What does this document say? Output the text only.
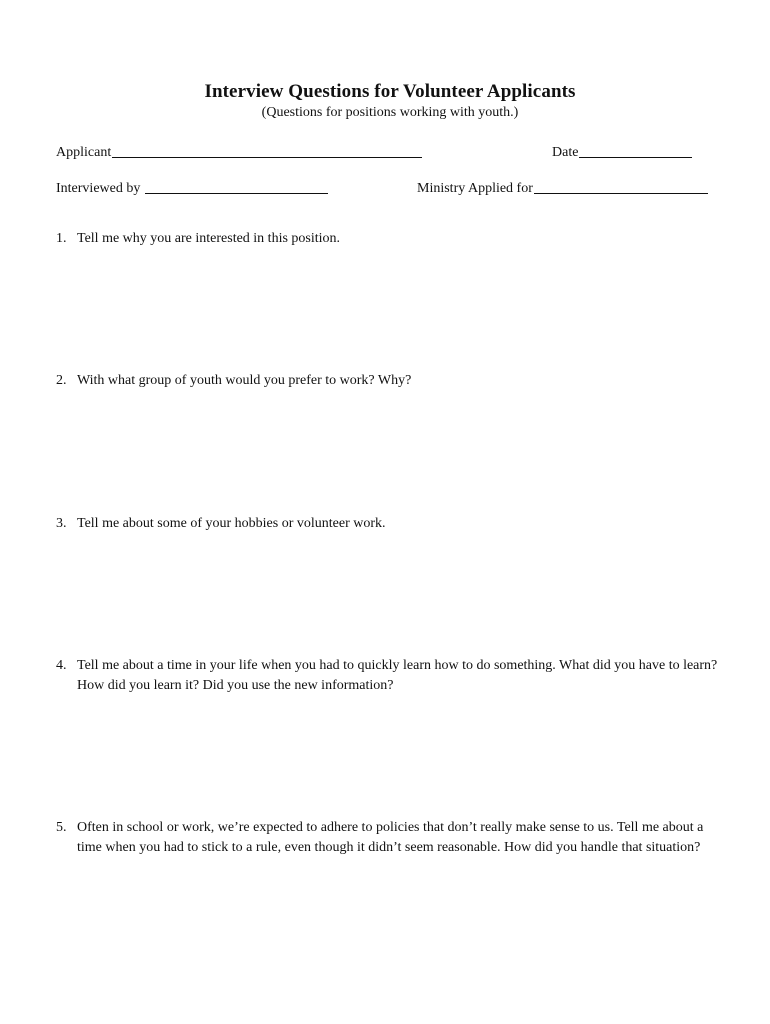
Interview Questions for Volunteer Applicants
(Questions for positions working with youth.)
Applicant	Date
Interviewed by	Ministry Applied for
1. Tell me why you are interested in this position.
2. With what group of youth would you prefer to work? Why?
3. Tell me about some of your hobbies or volunteer work.
4. Tell me about a time in your life when you had to quickly learn how to do something. What did you have to learn? How did you learn it? Did you use the new information?
5. Often in school or work, we’re expected to adhere to policies that don’t really make sense to us. Tell me about a time when you had to stick to a rule, even though it didn’t seem reasonable. How did you handle that situation?
